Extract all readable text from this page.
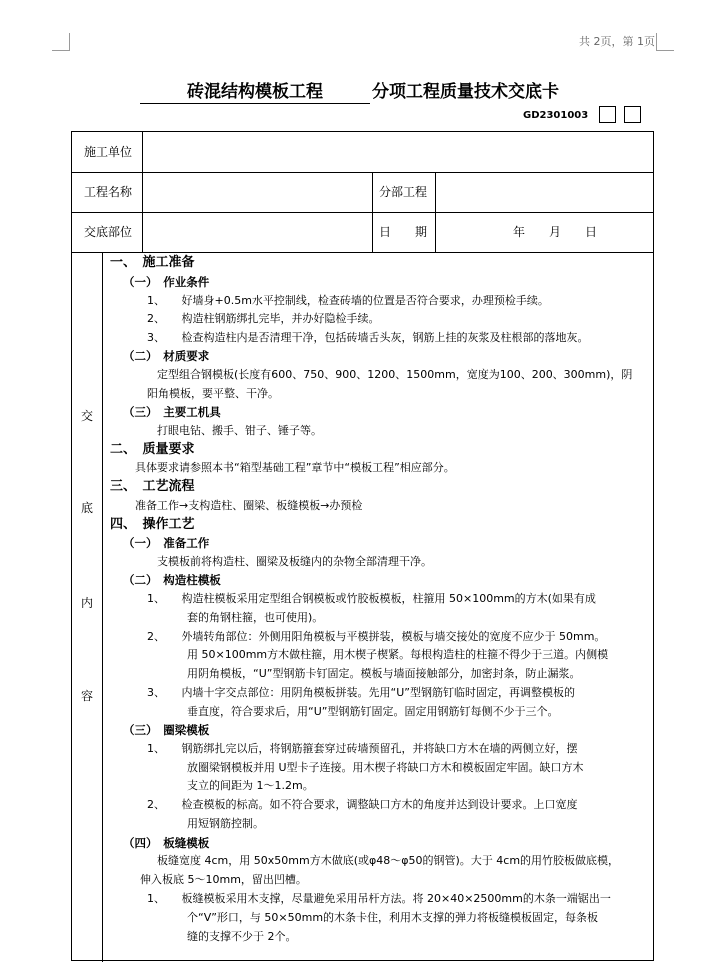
共 2页，第 1页
砖混结构模板工程	分项工程质量技术交底卡
GD2301003
施工单位
工程名称	分部工程
交底部位	日　　期	年　　月　　日
交
底
内
容
一、　施工准备
（一）　作业条件
1、　　好墙身+0.5m水平控制线，检查砖墙的位置是否符合要求，办理预检手续。
2、　　构造柱钢筋绑扎完毕，并办好隐检手续。
3、　　检查构造柱内是否清理干净，包括砖墙舌头灰，钢筋上挂的灰浆及柱根部的落地灰。
（二）　材质要求
定型组合钢模板(长度有600、750、900、1200、1500mm，宽度为100、200、300mm)，阴
阳角模板，要平整、干净。
（三）　主要工机具
打眼电钻、搬手、钳子、锤子等。
二、　质量要求
具体要求请参照本书“箱型基础工程”章节中“模板工程”相应部分。
三、　工艺流程
准备工作→支构造柱、圈梁、板缝模板→办预检
四、　操作工艺
（一）　准备工作
支模板前将构造柱、圈梁及板缝内的杂物全部清理干净。
（二）　构造柱模板
1、　　构造柱模板采用定型组合钢模板或竹胶板模板，柱箍用 50×100mm的方木(如果有成
套的角钢柱箍，也可使用)。
2、　　外墙转角部位：外侧用阳角模板与平模拼装，模板与墙交接处的宽度不应少于 50mm。
用 50×100mm方木做柱箍，用木楔子楔紧。每根构造柱的柱箍不得少于三道。内侧模
用阴角模板，“U”型钢筋卡钉固定。模板与墙面接触部分，加密封条，防止漏浆。
3、　　内墙十字交点部位：用阴角模板拼装。先用“U”型钢筋钉临时固定，再调整模板的
垂直度，符合要求后，用“U”型钢筋钉固定。固定用钢筋钉每侧不少于三个。
（三）　圈梁模板
1、　　钢筋绑扎完以后，将钢筋箍套穿过砖墙预留孔，并将缺口方木在墙的两侧立好，摆
放圈梁钢模板并用 U型卡子连接。用木楔子将缺口方木和模板固定牢固。缺口方木
支立的间距为 1～1.2m。
2、　　检查模板的标高。如不符合要求，调整缺口方木的角度并达到设计要求。上口宽度
用短钢筋控制。
（四）　板缝模板
板缝宽度 4cm，用 50x50mm方木做底(或φ48～φ50的钢管)。大于 4cm的用竹胶板做底模，
伸入板底 5～10mm，留出凹槽。
1、　　板缝模板采用木支撑，尽量避免采用吊杆方法。将 20×40×2500mm的木条一端锯出一
个“V”形口，与 50×50mm的木条卡住，利用木支撑的弹力将板缝模板固定，每条板
缝的支撑不少于 2个。
